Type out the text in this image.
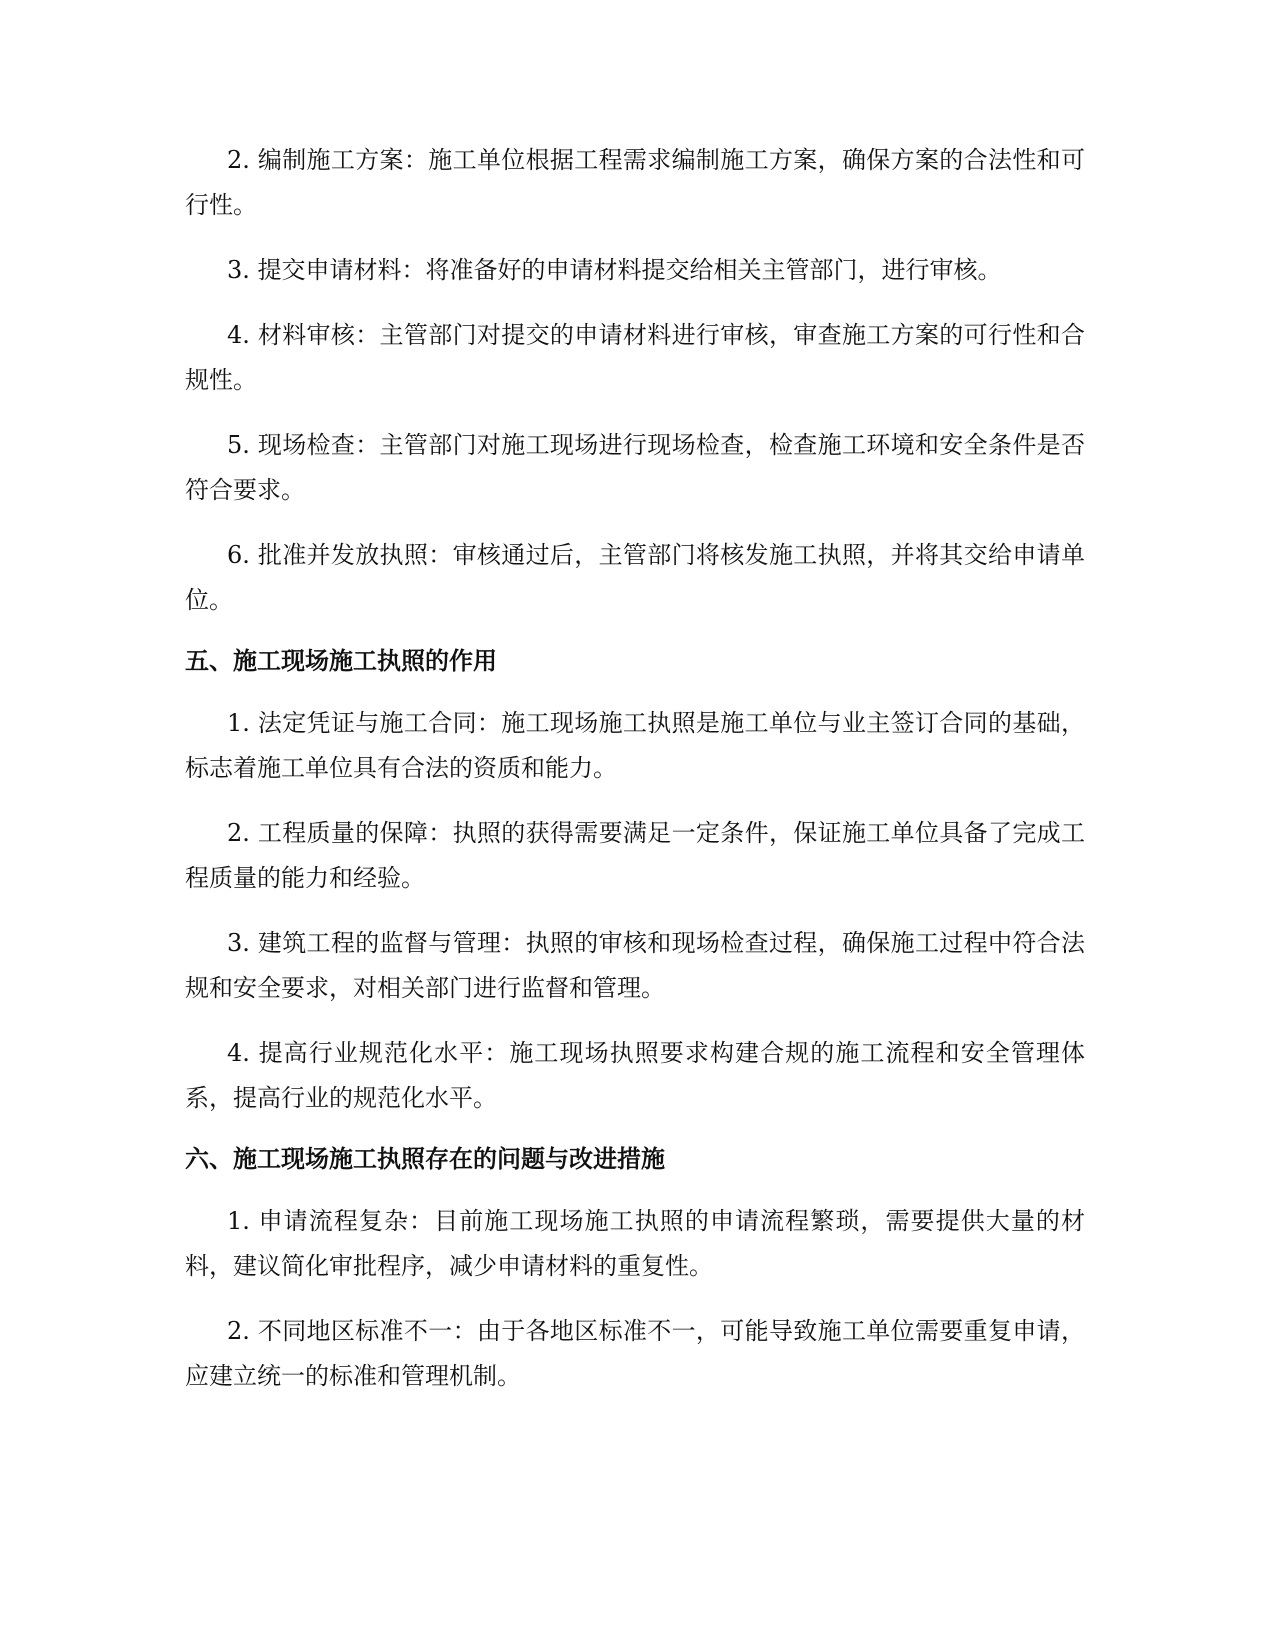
2. 编制施工方案：施工单位根据工程需求编制施工方案，确保方案的合法性和可行性。

3. 提交申请材料：将准备好的申请材料提交给相关主管部门，进行审核。

4. 材料审核：主管部门对提交的申请材料进行审核，审查施工方案的可行性和合规性。

5. 现场检查：主管部门对施工现场进行现场检查，检查施工环境和安全条件是否符合要求。

6. 批准并发放执照：审核通过后，主管部门将核发施工执照，并将其交给申请单位。

五、施工现场施工执照的作用

1. 法定凭证与施工合同：施工现场施工执照是施工单位与业主签订合同的基础，标志着施工单位具有合法的资质和能力。

2. 工程质量的保障：执照的获得需要满足一定条件，保证施工单位具备了完成工程质量的能力和经验。

3. 建筑工程的监督与管理：执照的审核和现场检查过程，确保施工过程中符合法规和安全要求，对相关部门进行监督和管理。

4. 提高行业规范化水平：施工现场执照要求构建合规的施工流程和安全管理体系，提高行业的规范化水平。

六、施工现场施工执照存在的问题与改进措施

1. 申请流程复杂：目前施工现场施工执照的申请流程繁琐，需要提供大量的材料，建议简化审批程序，减少申请材料的重复性。

2. 不同地区标准不一：由于各地区标准不一，可能导致施工单位需要重复申请，应建立统一的标准和管理机制。
